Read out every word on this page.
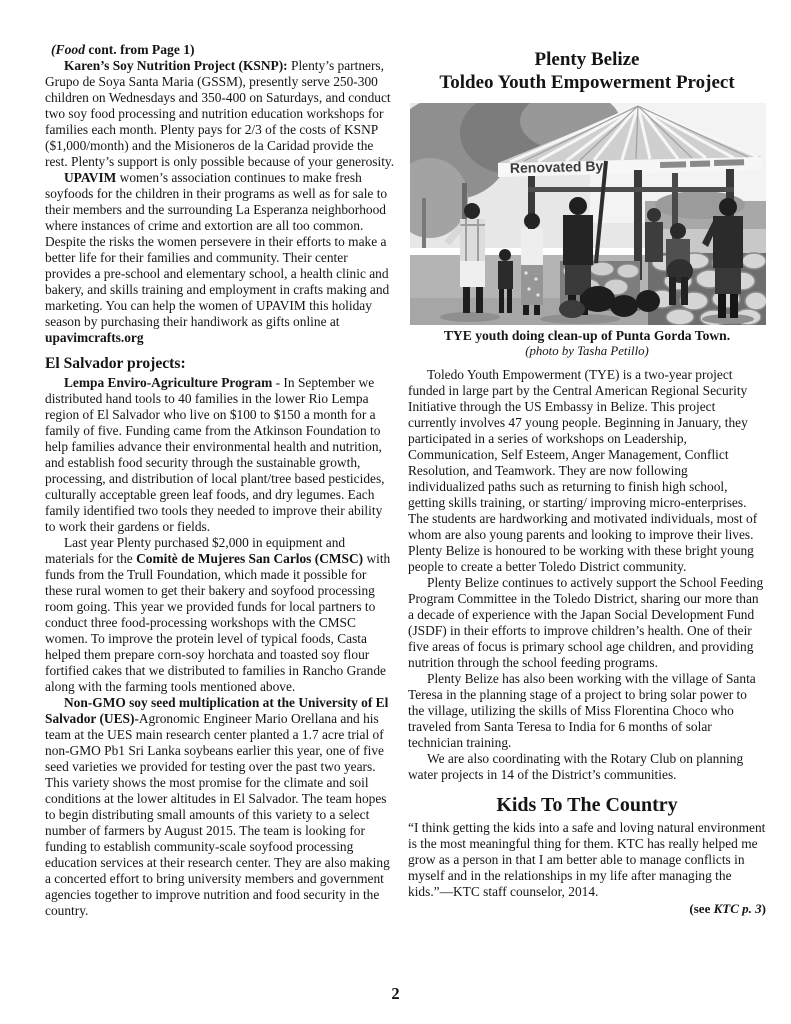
(Food cont. from Page 1)

Karen’s Soy Nutrition Project (KSNP): Plenty’s partners, Grupo de Soya Santa Maria (GSSM), presently serve 250-300 children on Wednesdays and 350-400 on Saturdays, and conduct two soy food processing and nutrition education workshops for families each month. Plenty pays for 2/3 of the costs of KSNP ($1,000/month) and the Misioneros de la Caridad provide the rest. Plenty’s support is only possible because of your generosity.

UPAVIM women’s association continues to make fresh soyfoods for the children in their programs as well as for sale to their members and the surrounding La Esperanza neighborhood where instances of crime and extortion are all too common. Despite the risks the women persevere in their efforts to make a better life for their families and community. Their center provides a pre-school and elementary school, a health clinic and bakery, and skills training and employment in crafts making and marketing. You can help the women of UPAVIM this holiday season by purchasing their handiwork as gifts online at upavimcrafts.org

El Salvador projects:

Lempa Enviro-Agriculture Program - In September we distributed hand tools to 40 families in the lower Rio Lempa region of El Salvador who live on $100 to $150 a month for a family of five. Funding came from the Atkinson Foundation to help families advance their environmental health and nutrition, and establish food security through the sustainable growth, processing, and distribution of local plant/tree based pesticides, culturally acceptable green leaf foods, and dry legumes. Each family identified two tools they needed to improve their ability to work their gardens or fields.

Last year Plenty purchased $2,000 in equipment and materials for the Comitè de Mujeres San Carlos (CMSC) with funds from the Trull Foundation, which made it possible for these rural women to get their bakery and soyfood processing room going. This year we provided funds for local partners to conduct three food-processing workshops with the CMSC women. To improve the protein level of typical foods, Casta helped them prepare corn-soy horchata and toasted soy flour fortified cakes that we distributed to families in Rancho Grande along with the farming tools mentioned above.

Non-GMO soy seed multiplication at the University of El Salvador (UES)-Agronomic Engineer Mario Orellana and his team at the UES main research center planted a 1.7 acre trial of non-GMO Pb1 Sri Lanka soybeans earlier this year, one of five seed varieties we provided for testing over the past two years. This variety shows the most promise for the climate and soil conditions at the lower altitudes in El Salvador. The team hopes to begin distributing small amounts of this variety to a select number of farmers by August 2015. The team is looking for funding to establish community-scale soyfood processing education services at their research center. They are also making a concerted effort to bring university members and government agencies together to improve nutrition and food security in the country.

Plenty Belize
Toldeo Youth Empowerment Project
Renovated By

TYE youth doing clean-up of Punta Gorda Town.

(photo by Tasha Petillo)

Toledo Youth Empowerment (TYE) is a two-year project funded in large part by the Central American Regional Security Initiative through the US Embassy in Belize. This project currently involves 47 young people. Beginning in January, they participated in a series of workshops on Leadership, Communication, Self Esteem, Anger Management, Conflict Resolution, and Teamwork. They are now following individualized paths such as returning to finish high school, getting skills training, or starting/ improving micro-enterprises. The students are hardworking and motivated individuals, most of whom are also young parents and looking to improve their lives. Plenty Belize is honoured to be working with these bright young people to create a better Toledo District community.

Plenty Belize continues to actively support the School Feeding Program Committee in the Toledo District, sharing our more than a decade of experience with the Japan Social Development Fund (JSDF) in their efforts to improve children’s health. One of their five areas of focus is primary school age children, and providing nutrition through the school feeding programs.

Plenty Belize has also been working with the village of Santa Teresa in the planning stage of a project to bring solar power to the village, utilizing the skills of Miss Florentina Choco who traveled from Santa Teresa to India for 6 months of solar technician training.

We are also coordinating with the Rotary Club on planning water projects in 14 of the District’s communities.

Kids To The Country

“I think getting the kids into a safe and loving natural environment is the most meaningful thing for them. KTC has really helped me grow as a person in that I am better able to manage conflicts in myself and in the relationships in my life after managing the kids.”—KTC staff counselor, 2014.

(see KTC p. 3)

2
